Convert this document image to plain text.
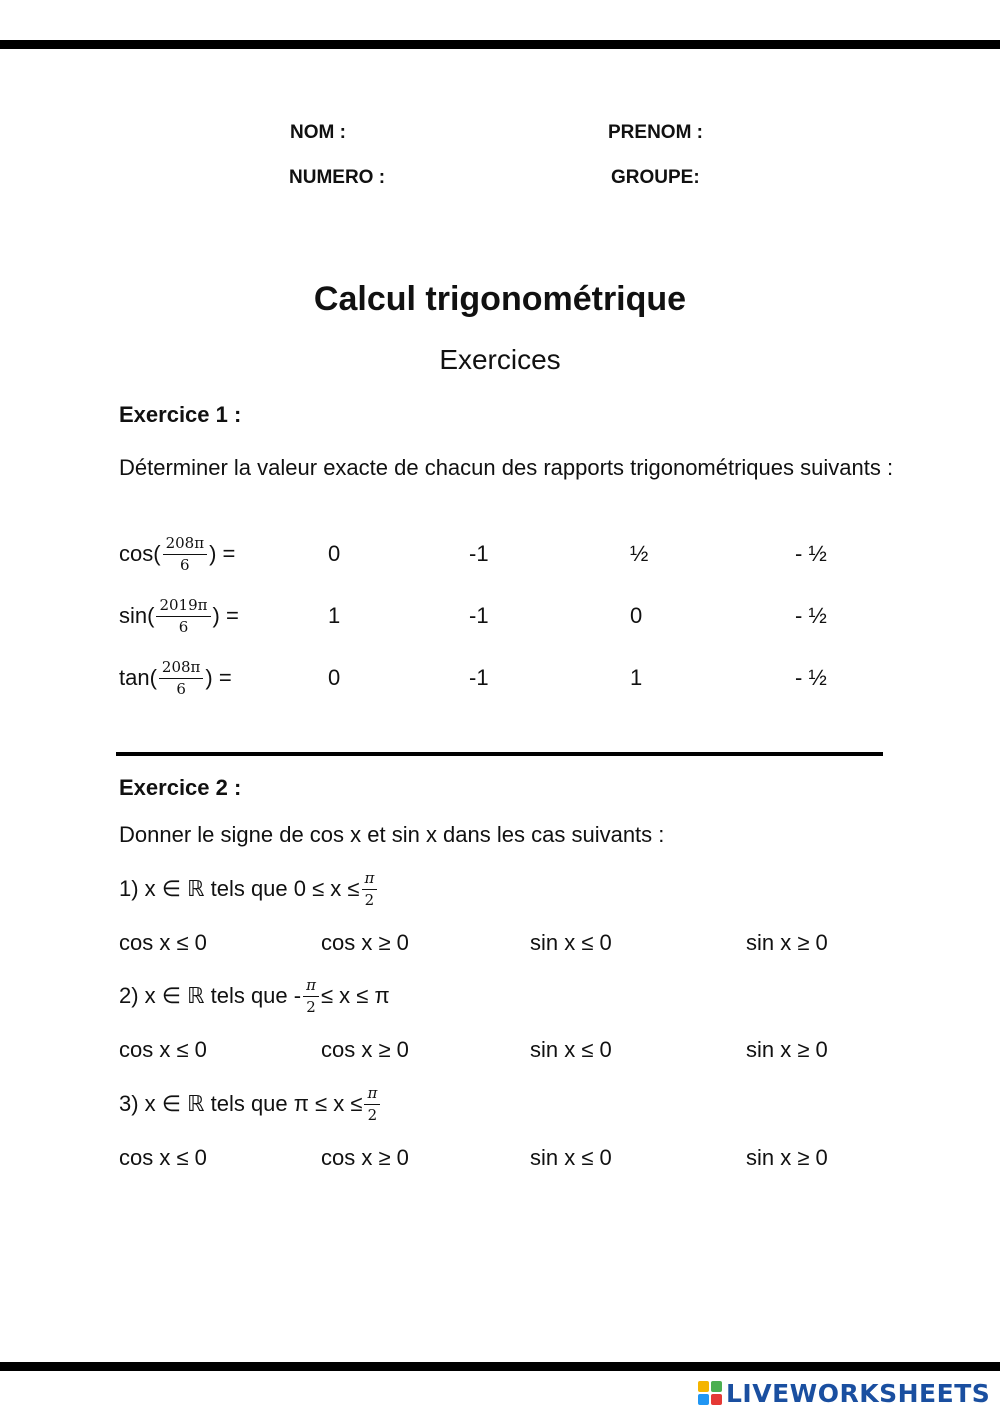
NOM :	PRENOM :
NUMERO :	GROUPE:
Calcul trigonométrique
Exercices
Exercice 1 :
Déterminer la valeur exacte de chacun des rapports trigonométriques suivants :
$\cos( \frac{208\pi}{6}$ ) =	0	-1	½	- ½
$\sin( \frac{2019\pi}{6}$ ) =	1	-1	0	- ½
$\tan( \frac{208\pi}{6}$ ) =	0	-1	1	- ½
Exercice 2 :
Donner le signe de cos x et sin x dans les cas suivants :
1) x ∈ ℝ tels que $0 \le x \le \frac{\pi}{2}$
cos x ≤ 0	cos x ≥ 0	sin x ≤ 0	sin x ≥ 0
2) x ∈ ℝ tels que - $\frac{\pi}{2} \le x \le \pi$
cos x ≤ 0	cos x ≥ 0	sin x ≤ 0	sin x ≥ 0
3) x ∈ ℝ tels que $\pi \le x \le \frac{\pi}{2}$
cos x ≤ 0	cos x ≥ 0	sin x ≤ 0	sin x ≥ 0
LIVEWORKSHEETS
